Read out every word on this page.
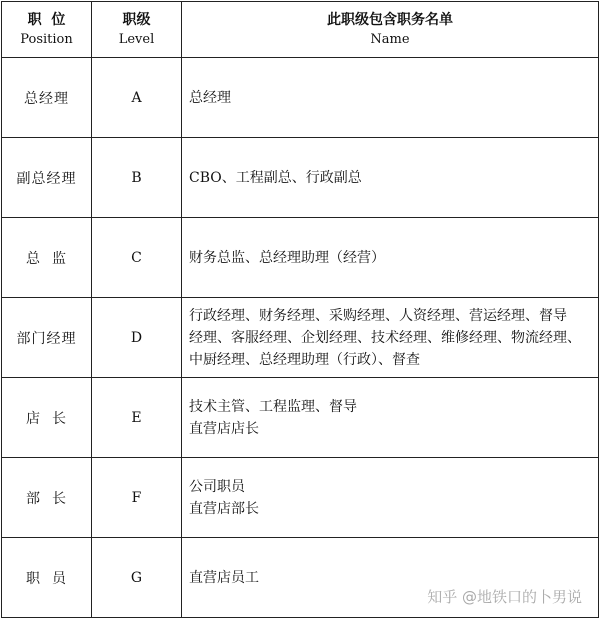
职  位
Position	职级
Level	此职级包含职务名单
Name

总经理	A	总经理

副总经理	B	CBO、工程副总、行政副总

总  监	C	财务总监、总经理助理（经营）

部门经理	D	行政经理、财务经理、采购经理、人资经理、营运经理、督导
经理、客服经理、企划经理、技术经理、维修经理、物流经理、
中厨经理、总经理助理（行政）、督查

店  长	E	技术主管、工程监理、督导
直营店店长

部  长	F	公司职员
直营店部长

职  员	G	直营店员工
知乎 @地铁口的卜男说
